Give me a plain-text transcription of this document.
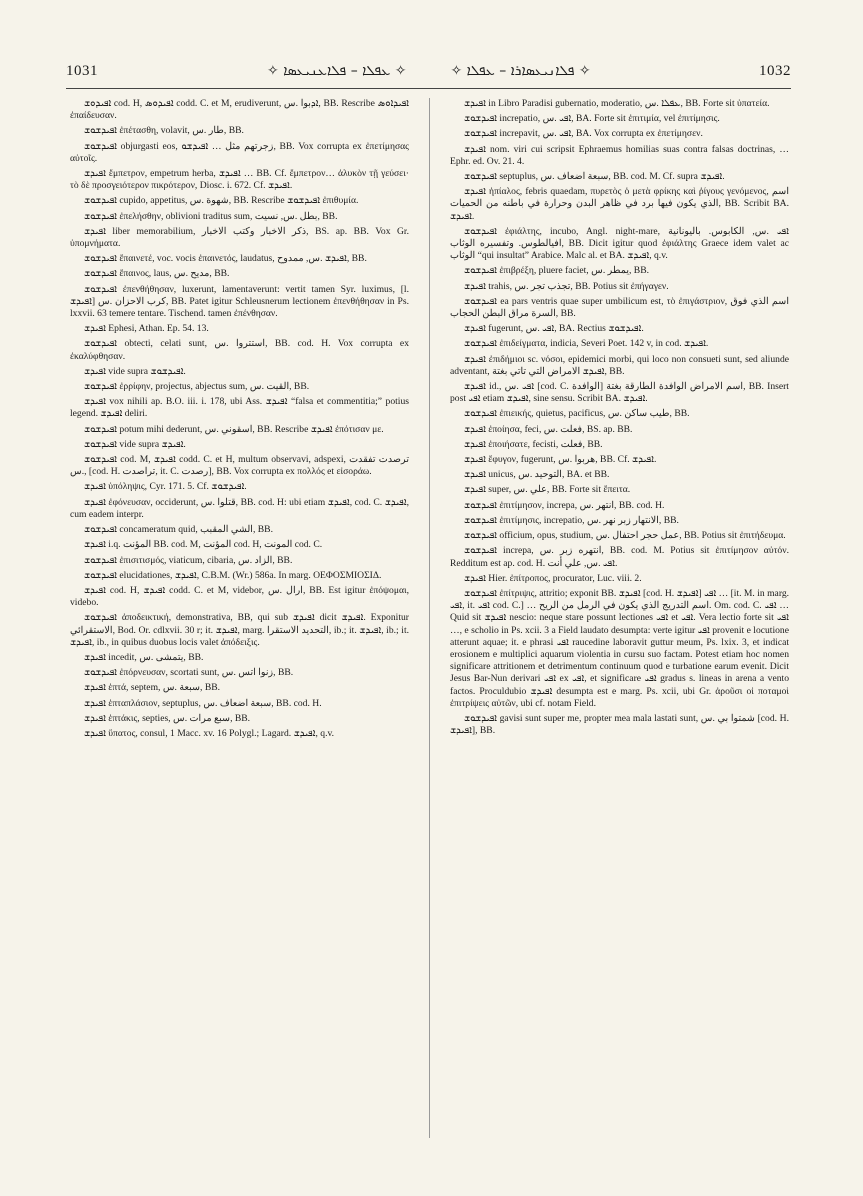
1031	✧ ܥܦܠܐ – ܦܠܐܥܢܝܥܣܐ ✧	✧ ܦܠܐܢܝܥܣܐܪܐ – ܥܦܠܐ ✧	1032

ܐܦܝܕܘܫ cod. H, ܐܦܝܕܘܣ codd. C. et M, erudiverunt, ܐܕبوا .س, BB. Rescribe ܐܦܝܕܐܘܣ ἐπαίδευσαν.

ܐܦܝܕܫܘܫ ἐπέτασθη, volavit, طار .س, BB.

ܐܦܝܕܫܘܫ objurgasti eos, زجرتهم مثل … ܐܦܝܕܫܘ, BB. Vox corrupta ex ἐπετίμησας αὐτοῖς.

ܐܦܝܕܫ ἔμπετρον, empetrum herba, ܐܦܝܕܫ … BB. Cf. ἔμπετρον… ἁλυκὸν τῇ γεύσει· τὸ δὲ προσγειότερον πικρότερον, Diosc. i. 672. Cf. ܐܦܝܕܫ.

ܐܦܝܕܫܘܫ cupido, appetitus, شهوة .س, BB. Rescribe ܐܦܝܕܫܘܫ ἐπιθυμία.

ܐܦܝܕܫܘܫ ἐπελήσθην, oblivioni traditus sum, بطل .س, نسيت, BB.

ܐܦܝܕܫ liber memorabilium, ذكر الاخبار وكتب الاخبار, BS. ap. BB. Vox Gr. ὑπομνήματα.

ܐܦܝܕܫܘܫ ἔπαινετέ, voc. vocis ἐπαινετός, laudatus, ܐܦܝܕܫ .س, ممدوح, BB.

ܐܦܝܕܫܘܫ ἔπαινος, laus, مديح .س, BB.

ܐܦܝܕܫܘܫ ἐπενθήθησαν, luxerunt, lamentaverunt: vertit tamen Syr. luximus, [l. ܐܦܝܕܫ] كرب الاحزان .س, BB. Patet igitur Schleusnerum lectionem ἐπενθήθησαν in Ps. lxxvii. 63 temere tentare. Tischend. tamen ἐπένθησαν.

ܐܦܝܕܫ Ephesi, Athan. Ep. 54. 13.

ܐܦܝܕܫܘܫ obtecti, celati sunt, استتروا .س, BB. cod. H. Vox corrupta ex ἐκαλύφθησαν.

ܐܦܝܕܫ vide supra ܐܦܝܕܫܘܫ.

ܐܦܝܕܫܘܫ ἐρρίφην, projectus, abjectus sum, القيت .س, BB.

ܐܦܝܕܫ vox nihili ap. B.O. iii. i. 178, ubi Ass. ܐܦܝܕܫ “falsa et commentitia;” potius legend. ܐܦܝܕܫ deliri.

ܐܦܝܕܫܘܫ potum mihi dederunt, اسقوني .س, BB. Rescribe ܐܦܝܕܫ ἐπότισαν με.

ܐܦܝܕܫܘܫ vide supra ܐܦܝܕܫ.

ܐܦܝܕܫܘܫ cod. M, ܐܦܝܕܫ codd. C. et H, multum observavi, adspexi, ترصدت تفقدت .س, [cod. H. تراصدت, it. C. رصدت], BB. Vox corrupta ex πολλός et εἰσοράω.

ܐܦܝܕܫ ὑπόληψις, Cyr. 171. 5. Cf. ܐܦܝܕܫܘܫ.

ܐܦܝܕܫ ἐφόνευσαν, occiderunt, قتلوا .س, BB. cod. H: ubi etiam ܐܦܝܕܫ, cod. C. ܐܦܝܕܫ, cum eadem interpr.

ܐܦܝܕܫܘܫ concameratum quid, الشي المقبب, BB.

ܐܦܝܕܫ i.q. المؤنت BB. cod. M, المؤنت cod. H, المونت cod. C.

ܐܦܝܕܫܘܫ ἐπισιτισμός, viaticum, cibaria, الزاد .س, BB.

ܐܦܝܕܫܘܫ elucidationes, ܐܦܝܕܫ, C.B.M. (Wr.) 586a. In marg. ΟΕΦΟΣΜΙΟΣΙΔ.

ܐܦܝܕܫ cod. H, ܐܦܝܕܫ codd. C. et M, videbor, ارال .س, BB. Est igitur ἐπόψομαι, videbo.

ܐܦܝܕܫܘܫ ἀποδεικτική, demonstrativa, BB, qui sub ܐܦܝܕܫ dicit ܐܦܝܕܫ. Exponitur الاستقرائي, Bod. Or. cdlxvii. 30 r; it. ܐܦܝܕܫ, marg. التحديد الاستقرا, ib.; it. ܐܦܝܕܫ, ib.; it. ܐܦܝܕܫ, ib., in quibus duobus locis valet ἀπόδειξις.

ܐܦܝܕܫ incedit, يتمشى .س, BB.

ܐܦܝܕܫܘܫ ἐπόρνευσαν, scortati sunt, زنوا اتس .س, BB.

ܐܦܝܕܫ ἑπτά, septem, سبعة .س, BB.

ܐܦܝܕܫ ἑπταπλάσιον, septuplus, سبعة اضعاف .س, BB. cod. H.

ܐܦܝܕܫ ἑπτάκις, septies, سبع مرات .س, BB.

ܐܦܝܕܫ ὕπατος, consul, 1 Macc. xv. 16 Polygl.; Lagard. ܐܦܝܕܫ, q.v.

ܐܦܝܕܫ in Libro Paradisi gubernatio, moderatio, ܥܦܠܐ .س, BB. Forte sit ὑπατεία.

ܐܦܝܕܫܘܫ increpatio, ܐܦܝ .س, BA. Forte sit ἐπιτιμία, vel ἐπιτίμησις.

ܐܦܝܕܫܘܫ increpavit, ܐܦܝ .س, BA. Vox corrupta ex ἐπετίμησεν.

ܐܦܝܕܫ nom. viri cui scripsit Ephraemus homilias suas contra falsas doctrinas, … Ephr. ed. Ov. 21. 4.

ܐܦܝܕܫܘܫ septuplus, سبعة اضعاف .س, BB. cod. M. Cf. supra ܐܦܝܕܫ.

ܐܦܝܕܫ ἠπίαλος, febris quaedam, πυρετὸς ὁ μετὰ φρίκης καὶ ῥίγους γενόμενος, اسم الذي يكون فيها برد في ظاهر البدن وحرارة في باطنه من الحميات, BB. Scribit BA. ܐܦܝܕܫ.

ܐܦܝܕܫܘܫ ἐφιάλτης, incubo, Angl. night-mare, ܐܦܝ .س, الكابوس. باليونانية افيالطوس. وتفسيره الوثاب, BB. Dicit igitur quod ἐφιάλτης Graece idem valet ac الوثاب “qui insultat” Arabice. Malc al. et BA. ܐܦܝܕܫ, q.v.

ܐܦܝܕܫܘܫ ἐπιβρέξη, pluere faciet, يمطر .س, BB.

ܐܦܝܕܫ trahis, تجذب تجر .س, BB. Potius sit ἐπήγαγεν.

ܐܦܝܕܫܘܫ ea pars ventris quae super umbilicum est, τὸ ἐπιγάστριον, اسم الذي فوق السرة مراق البطن الحجاب, BB.

ܐܦܝܕܫ fugerunt, ܐܦܝ .س, BA. Rectius ܐܦܝܕܫܘܫ.

ܐܦܝܕܫܘܫ ἐπιδείγματα, indicia, Severi Poet. 142 v, in cod. ܐܦܝܕܫ.

ܐܦܝܕܫ ἐπιδήμιοι sc. νόσοι, epidemici morbi, qui loco non consueti sunt, sed aliunde adventant, ܐܦܝܕܫ الامراض التي تاتي بغتة, BB.

ܐܦܝܕܫ id., ܐܦܝ .س [cod. C. الوافدة] اسم الامراض الوافدة الطارقة بغتة, BB. Insert post ܐܦܝ etiam ܐܦܝܕܫ, sine sensu. Scribit BA. ܐܦܝܕܫ.

ܐܦܝܕܫܘܫ ἐπιεικής, quietus, pacificus, طيب ساكن .س, BB.

ܐܦܝܕܫ ἐποίησα, feci, فعلت .س, BS. ap. BB.

ܐܦܝܕܫ ἐποιήσατε, fecisti, فعلت, BB.

ܐܦܝܕܫ ἔφυγον, fugerunt, هربوا .س, BB. Cf. ܐܦܝܕܫ.

ܐܦܝܕܫ unicus, التوحيد .س, BA. et BB.

ܐܦܝܕܫ super, علي .س, BB. Forte sit ἔπειτα.

ܐܦܝܕܫܘܫ ἐπιτίμησον, increpa, انتهر .س, BB. cod. H.

ܐܦܝܕܫܘܫ ἐπιτίμησις, increpatio, الانتهار زبر نهر .س, BB.

ܐܦܝܕܫܘܫ officium, opus, studium, عمل حجر احتفال .س, BB. Potius sit ἐπιτήδευμα.

ܐܦܝܕܫܘܫ increpa, انتهره زبر .س, BB. cod. M. Potius sit ἐπιτίμησον αὐτόν. Redditum est ap. cod. H. ܐܦܝ .س, علي أنت.

ܐܦܝܕܫ Hier. ἐπίτροπος, procurator, Luc. viii. 2.

ܐܦܝܕܫܘܫ ἐπίτριψις, attritio; exponit BB. ܐܦܝܕܫ [cod. H. ܐܦܝܕܫ] ܐܦܝ … [it. M. in marg. ܐܦܝ, it. ܐܦܝ cod. C.] … اسم التدريج الذي يكون في الرمل من الريح. Om. cod. C. ܐܦܝ … Quid sit ܐܦܝܕܫ nescio: neque stare possunt lectiones ܐܦܝ et ܐܦܝ. Vera lectio forte sit ܐܦܝ …, e scholio in Ps. xcii. 3 a Field laudato desumpta: verte igitur ܐܦܝ provenit e locutione atterunt aquae; it. e phrasi ܐܦܝ raucedine laboravit guttur meum, Ps. lxix. 3, et indicat erosionem e multiplici aquarum violentia in cursu suo factam. Potest etiam hoc nomen significare attritionem et detrimentum continuum quod e turbatione earum evenit. Dicit Jesus Bar-Nun derivari ܐܦܝ ex ܐܦܝ, et significare ܐܦܝ gradus s. lineas in arena a vento factos. Proculdubio ܐܦܝܕܫ desumpta est e marg. Ps. xcii, ubi Gr. ἀροῦσι οἱ ποταμοὶ ἐπιτρίψεις αὐτῶν, ubi cf. notam Field.

ܐܦܝܕܫܘܫ gavisi sunt super me, propter mea mala lastati sunt, شمتوا بي .س [cod. H. ܐܦܝܕܫ], BB.
